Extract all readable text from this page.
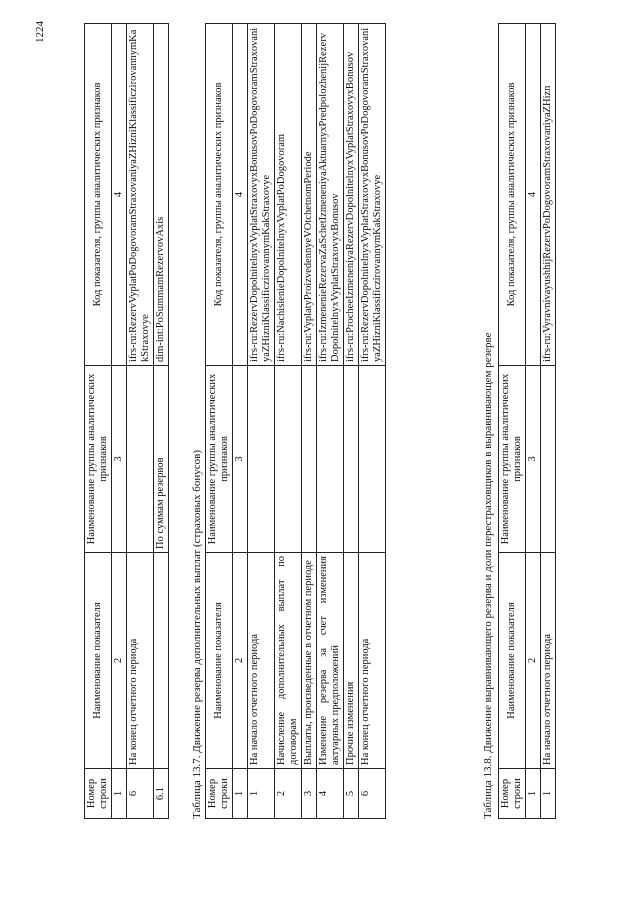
1224
Номер строки	Наименование показателя	Наименование группы аналитических признаков	Код показателя, группы аналитических признаков
1	2	3	4
6	На конец отчетного периода		ifrs-ru:RezervVyplatPoDogovoramStraxovaniyaZHizniKlassificzirovannymKakStraxovye
6.1		По суммам резервов	dim-int:PoSummamRezervovAxis
Таблица 13.7. Движение резерва дополнительных выплат (страховых бонусов) Номер строки	Наименование показателя	Наименование группы аналитических признаков	Код показателя, группы аналитических признаков
1	2	3	4
1	На начало отчетного периода		ifrs-ru:RezervDopolnitelnyxVyplatStraxovyxBonusovPoDogovoramStraxovaniyaZHizniKlassificzirovannymKakStraxovye
2	Начисление дополнительных выплат по договорам		ifrs-ru:NachislenieDopolnitelnyxVyplatPoDogovoram
3	Выплаты, произведенные в отчетном периоде		ifrs-ru:VyplatyProizvedennyeVOtchetnomPeriode
4	Изменение резерва за счет изменения актуарных предположений		ifrs-ru:IzmenenieRezervaZaSchetIzmeneniyaAktuarnyxPredpolozhenijRezervDopolnitelnyxVyplatStraxovyxBonusov
5	Прочие изменения		ifrs-ru:ProcheeIzmeneniyaRezervDopolnitelnyxVyplatStraxovyxBonusov
6	На конец отчетного периода		ifrs-ru:RezervDopolnitelnyxVyplatStraxovyxBonusovPoDogovoramStraxovaniyaZHizniKlassificzirovannymKakStraxovye
Таблица 13.8. Движение выравнивающего резерва и доли перестраховщиков в выравнивающем резерве Номер строки	Наименование показателя	Наименование группы аналитических признаков	Код показателя, группы аналитических признаков
1	2	3	4
1	На начало отчетного периода		ifrs-ru:VyravnivayushhijRezervPoDogovoramStraxovaniyaZHizn
